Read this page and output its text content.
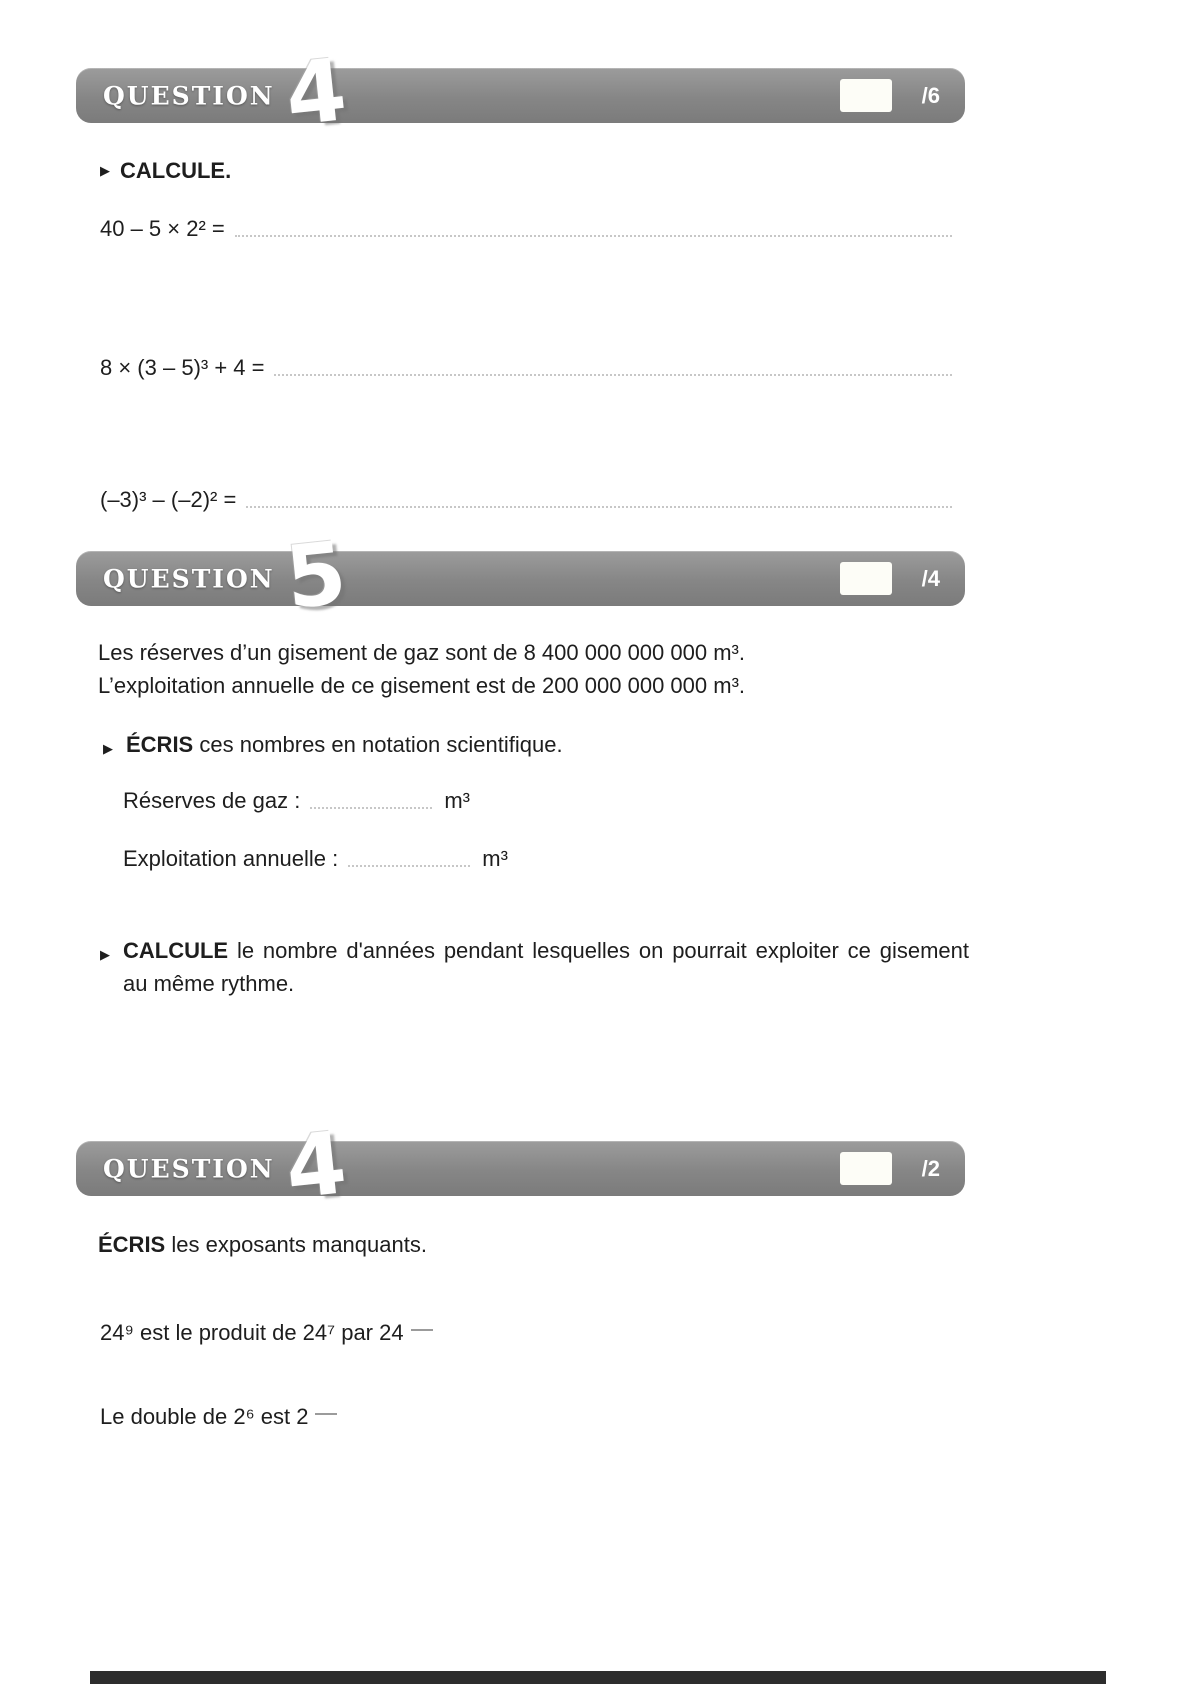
QUESTION 4	/6
▶ CALCULE.
40 – 5 × 2² =
8 × (3 – 5)³ + 4 =
(–3)³ – (–2)² =
QUESTION 5	/4
Les réserves d’un gisement de gaz sont de 8 400 000 000 000 m³.
L’exploitation annuelle de ce gisement est de 200 000 000 000 m³.
▶ ÉCRIS ces nombres en notation scientifique.
Réserves de gaz :	m³
Exploitation annuelle :	m³
▶ CALCULE le nombre d'années pendant lesquelles on pourrait exploiter ce gisement au même rythme.
QUESTION 4	/2
ÉCRIS les exposants manquants.
24⁹ est le produit de 24⁷ par 24
Le double de 2⁶ est 2
